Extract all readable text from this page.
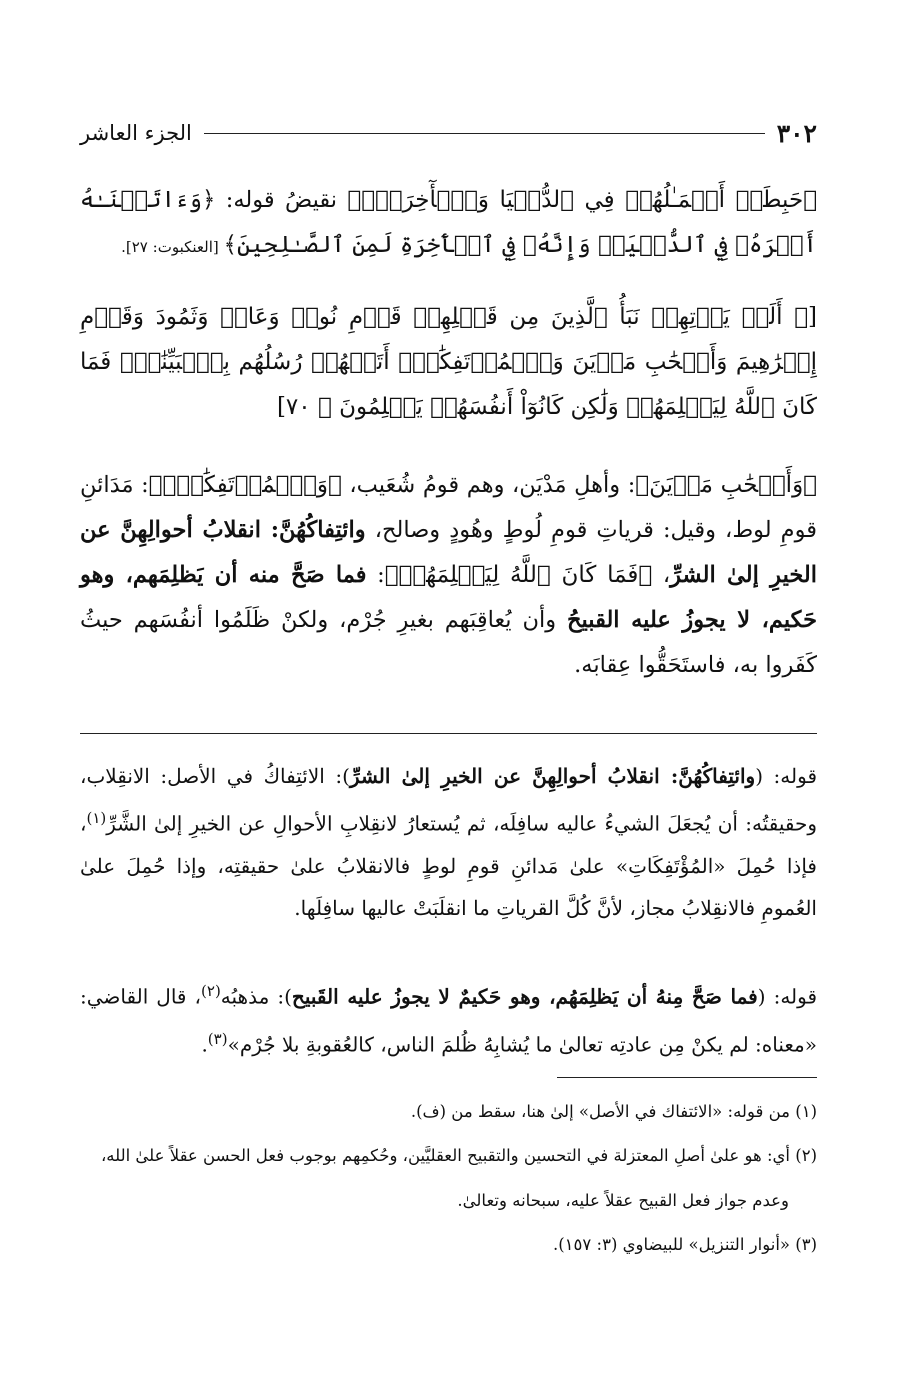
الجزء العاشر	٣٠٢

﴿حَبِطَتۡ أَعۡمَـٰلُهُمۡ فِي ٱلدُّنۡيَا وَٱلۡأٓخِرَةِۖ﴾ نقيضُ قوله: ﴿وَءَاتَيۡنَـٰهُ أَجۡرَهُۥ فِي ٱلدُّنۡيَاۖ وَإِنَّهُۥ فِي ٱلۡأٓخِرَةِ لَمِنَ ٱلصَّـٰلِحِينَ﴾ [العنكبوت: ٢٧].

[﴿ أَلَمۡ يَأۡتِهِمۡ نَبَأُ ٱلَّذِينَ مِن قَبۡلِهِمۡ قَوۡمِ نُوحٖ وَعَادٖ وَثَمُودَ وَقَوۡمِ إِبۡرَٰهِيمَ وَأَصۡحَٰبِ مَدۡيَنَ وَٱلۡمُؤۡتَفِكَٰتِۚ أَتَتۡهُمۡ رُسُلُهُم بِٱلۡبَيِّنَٰتِۖ فَمَا كَانَ ٱللَّهُ لِيَظۡلِمَهُمۡ وَلَٰكِن كَانُوٓاْ أَنفُسَهُمۡ يَظۡلِمُونَ ﴾ ٧٠]

﴿وَأَصۡحَٰبِ مَدۡيَنَ﴾: وأهلِ مَدْيَن، وهم قومُ شُعَيب، ﴿وَٱلۡمُؤۡتَفِكَٰتِۚ﴾: مَدَائنِ قومِ لوط، وقيل: قرياتِ قومِ لُوطٍ وهُودٍ وصالح، وائتِفاكُهُنَّ: انقلابُ أحوالِهِنَّ عن الخيرِ إلىٰ الشرِّ، ﴿فَمَا كَانَ ٱللَّهُ لِيَظۡلِمَهُمۡ﴾: فما صَحَّ منه أن يَظلِمَهم، وهو حَكيم، لا يجوزُ عليه القبيحُ وأن يُعاقِبَهم بغيرِ جُرْم، ولكنْ ظَلَمُوا أنفُسَهم حيثُ كَفَروا به، فاستَحَقُّوا عِقابَه.

قوله: (وائتِفاكُهُنَّ: انقلابُ أحوالِهِنَّ عن الخيرِ إلىٰ الشرِّ): الائتِفاكُ في الأصل: الانقِلاب، وحقيقتُه: أن يُجعَلَ الشيءُ عاليه سافِلَه، ثم يُستعارُ لانقِلابِ الأحوالِ عن الخيرِ إلىٰ الشَّرِّ$^{(١)}$، فإذا حُمِلَ «المُؤْتَفِكَاتِ» علىٰ مَدائنِ قومِ لوطٍ فالانقلابُ علىٰ حقيقتِه، وإذا حُمِلَ علىٰ العُمومِ فالانقِلابُ مجاز، لأنَّ كُلَّ القرياتِ ما انقلَبَتْ عاليها سافِلَها.

قوله: (فما صَحَّ مِنهُ أن يَظلِمَهُم، وهو حَكيمٌ لا يجوزُ عليه القَبيح): مذهبُه$^{(٢)}$، قال القاضي: «معناه: لم يكنْ مِن عادتِه تعالىٰ ما يُشابِهُ ظُلمَ الناس، كالعُقوبةِ بلا جُرْم»$^{(٣)}$.

(١) من قوله: «الائتفاك في الأصل» إلىٰ هنا، سقط من (ف).

(٢) أي: هو علىٰ أصلِ المعتزلة في التحسين والتقبيح العقليَّين، وحُكمِهم بوجوب فعل الحسن عقلاً علىٰ الله،

وعدم جواز فعل القبيح عقلاً عليه، سبحانه وتعالىٰ.

(٣) «أنوار التنزيل» للبيضاوي (٣: ١٥٧).
